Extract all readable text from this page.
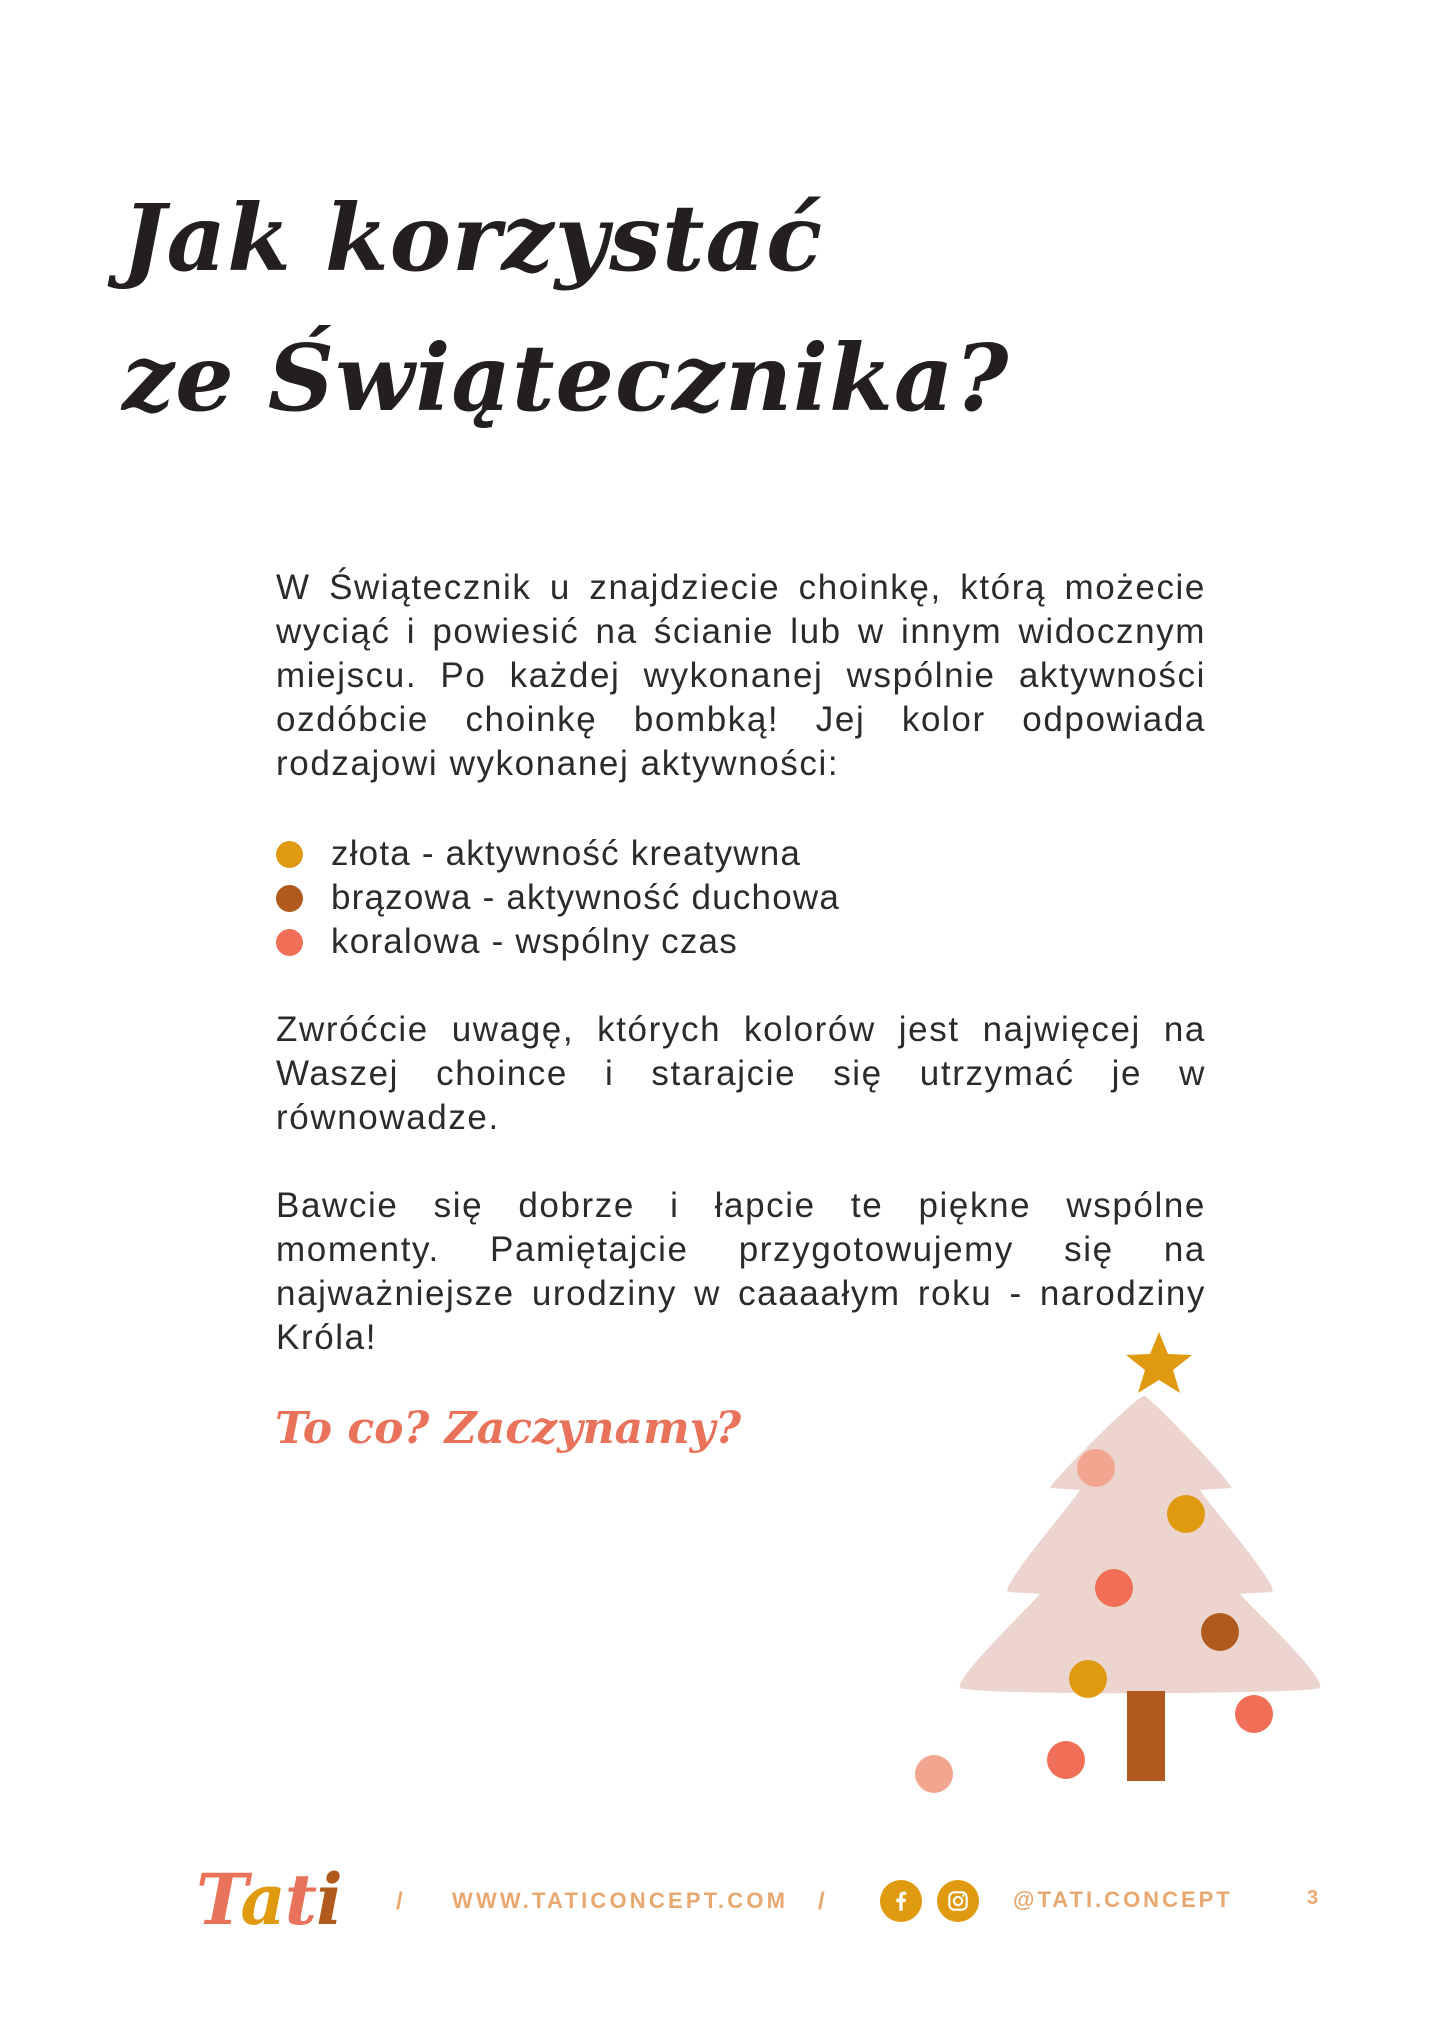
Jak korzystać
ze Świątecznika?

W Świątecznik u znajdziecie choinkę, którą możecie wyciąć i powiesić na ścianie lub w innym widocznym miejscu. Po każdej wykonanej wspólnie aktywności ozdóbcie choinkę bombką! Jej kolor odpowiada rodzajowi wykonanej aktywności:

złota - aktywność kreatywna
brązowa - aktywność duchowa
koralowa - wspólny czas

Zwróćcie uwagę, których kolorów jest najwięcej na Waszej choince i starajcie się utrzymać je w równowadze.

Bawcie się dobrze i łapcie te piękne wspólne momenty. Pamiętajcie przygotowujemy się na najważniejsze urodziny w caaaałym roku - narodziny Króla!

To co? Zaczynamy?

Tati / WWW.TATICONCEPT.COM /	@TATI.CONCEPT	3
